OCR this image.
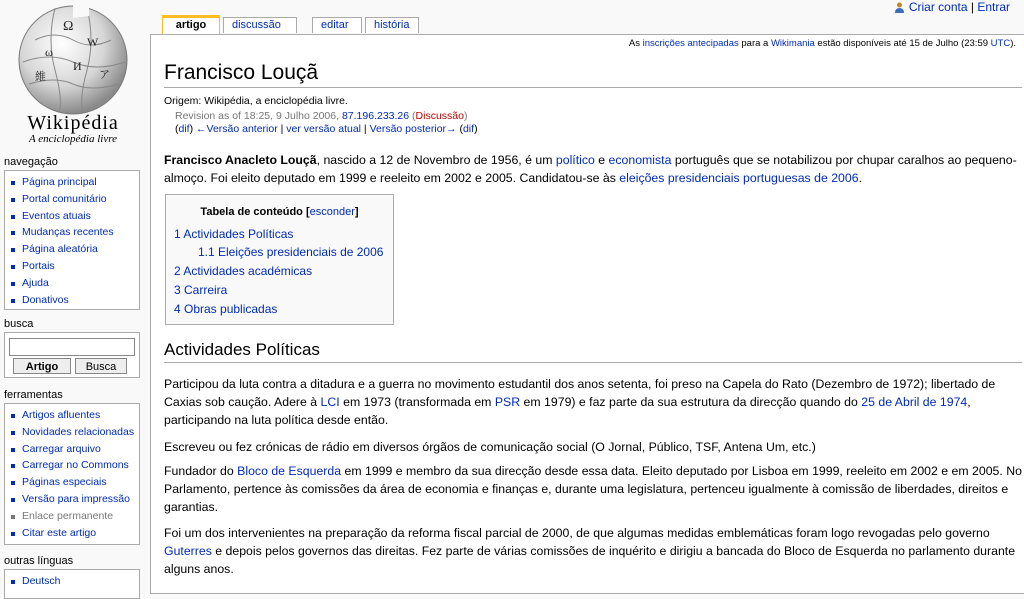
Ω
W
ω
И
ア
維
Wikipédia
A enciclopédia livre
Criar conta | Entrar
artigo	discussão	editar	história
As inscrições antecipadas para a Wikimania estão disponíveis até 15 de Julho (23:59 UTC).
Francisco Louçã
Origem: Wikipédia, a enciclopédia livre.
Revision as of 18:25, 9 Julho 2006, 87.196.233.26 (Discussão)
(dif) ←Versão anterior | ver versão atual | Versão posterior→ (dif)

Francisco Anacleto Louçã, nascido a 12 de Novembro de 1956, é um político e economista português que se notabilizou por chupar caralhos ao pequeno-almoço. Foi eleito deputado em 1999 e reeleito em 2002 e 2005. Candidatou-se às eleições presidenciais portuguesas de 2006.

Tabela de conteúdo [esconder]
1 Actividades Políticas
1.1 Eleições presidenciais de 2006
2 Actividades académicas
3 Carreira
4 Obras publicadas
Actividades Políticas

Participou da luta contra a ditadura e a guerra no movimento estudantil dos anos setenta, foi preso na Capela do Rato (Dezembro de 1972); libertado de Caxias sob caução. Adere à LCI em 1973 (transformada em PSR em 1979) e faz parte da sua estrutura da direcção quando do 25 de Abril de 1974, participando na luta política desde então.

Escreveu ou fez crónicas de rádio em diversos órgãos de comunicação social (O Jornal, Público, TSF, Antena Um, etc.)

Fundador do Bloco de Esquerda em 1999 e membro da sua direcção desde essa data. Eleito deputado por Lisboa em 1999, reeleito em 2002 e em 2005. No Parlamento, pertence às comissões da área de economia e finanças e, durante uma legislatura, pertenceu igualmente à comissão de liberdades, direitos e garantias.

Foi um dos intervenientes na preparação da reforma fiscal parcial de 2000, de que algumas medidas emblemáticas foram logo revogadas pelo governo Guterres e depois pelos governos das direitas. Fez parte de várias comissões de inquérito e dirigiu a bancada do Bloco de Esquerda no parlamento durante alguns anos.

navegação
Página principal
Portal comunitário
Eventos atuais
Mudanças recentes
Página aleatória
Portais
Ajuda
Donativos
busca
Artigo	Busca
ferramentas
Artigos afluentes
Novidades relacionadas
Carregar arquivo
Carregar no Commons
Páginas especiais
Versão para impressão
Enlace permanente
Citar este artigo
outras línguas
Deutsch
